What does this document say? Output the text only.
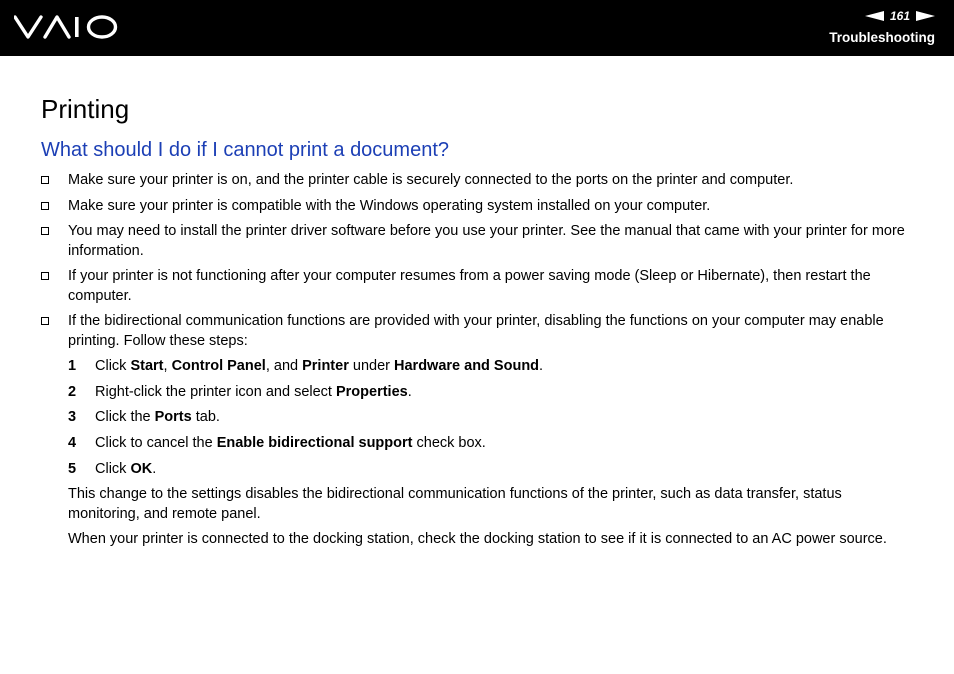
161
Troubleshooting
Printing
What should I do if I cannot print a document?
Make sure your printer is on, and the printer cable is securely connected to the ports on the printer and computer.
Make sure your printer is compatible with the Windows operating system installed on your computer.
You may need to install the printer driver software before you use your printer. See the manual that came with your printer for more information.
If your printer is not functioning after your computer resumes from a power saving mode (Sleep or Hibernate), then restart the computer.
If the bidirectional communication functions are provided with your printer, disabling the functions on your computer may enable printing. Follow these steps:
1 Click Start, Control Panel, and Printer under Hardware and Sound.
2 Right-click the printer icon and select Properties.
3 Click the Ports tab.
4 Click to cancel the Enable bidirectional support check box.
5 Click OK.
This change to the settings disables the bidirectional communication functions of the printer, such as data transfer, status monitoring, and remote panel.
When your printer is connected to the docking station, check the docking station to see if it is connected to an AC power source.
